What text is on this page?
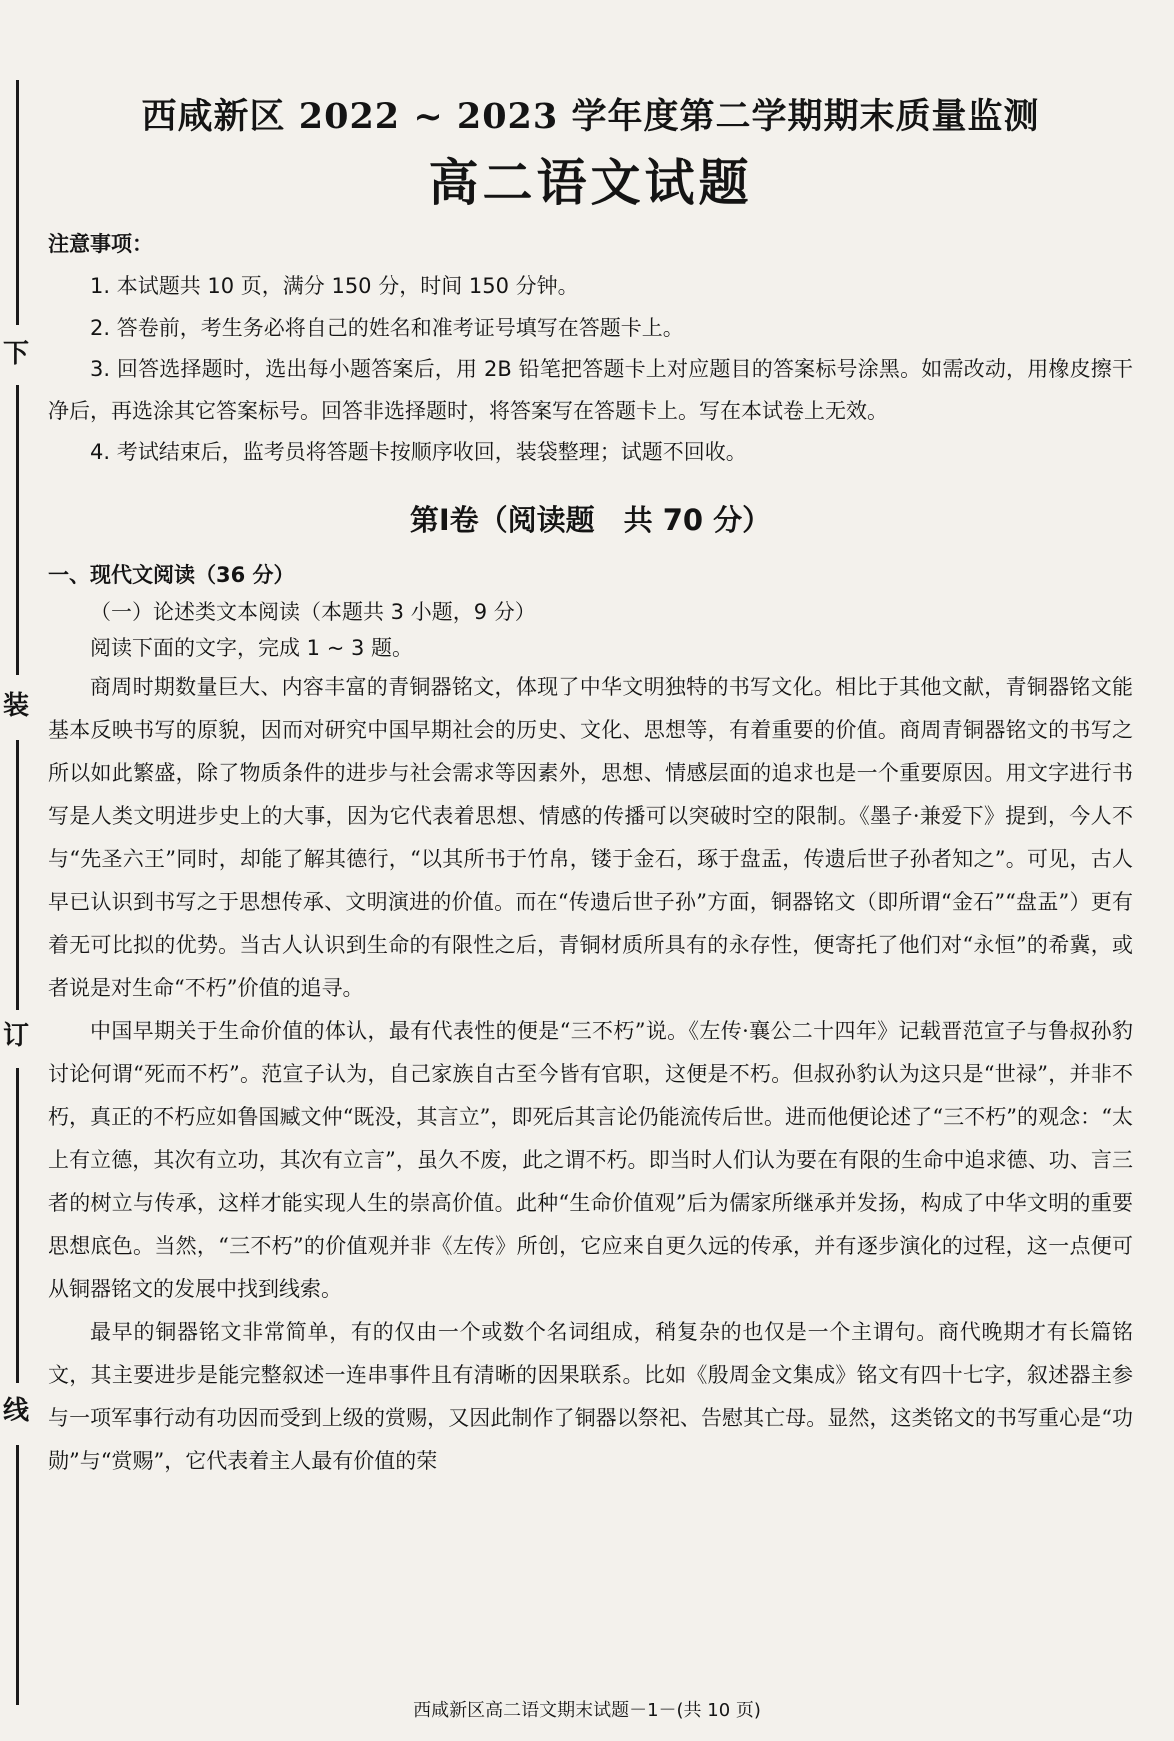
下
装
订
线
西咸新区 2022 ~ 2023 学年度第二学期期末质量监测
高二语文试题

注意事项：

1. 本试题共 10 页，满分 150 分，时间 150 分钟。

2. 答卷前，考生务必将自己的姓名和准考证号填写在答题卡上。

3. 回答选择题时，选出每小题答案后，用 2B 铅笔把答题卡上对应题目的答案标号涂黑。如需改动，用橡皮擦干净后，再选涂其它答案标号。回答非选择题时，将答案写在答题卡上。写在本试卷上无效。

4. 考试结束后，监考员将答题卡按顺序收回，装袋整理；试题不回收。

第Ⅰ卷（阅读题　共 70 分）

一、现代文阅读（36 分）

（一）论述类文本阅读（本题共 3 小题，9 分）

阅读下面的文字，完成 1 ~ 3 题。

商周时期数量巨大、内容丰富的青铜器铭文，体现了中华文明独特的书写文化。相比于其他文献，青铜器铭文能基本反映书写的原貌，因而对研究中国早期社会的历史、文化、思想等，有着重要的价值。商周青铜器铭文的书写之所以如此繁盛，除了物质条件的进步与社会需求等因素外，思想、情感层面的追求也是一个重要原因。用文字进行书写是人类文明进步史上的大事，因为它代表着思想、情感的传播可以突破时空的限制。《墨子·兼爱下》提到，今人不与“先圣六王”同时，却能了解其德行，“以其所书于竹帛，镂于金石，琢于盘盂，传遗后世子孙者知之”。可见，古人早已认识到书写之于思想传承、文明演进的价值。而在“传遗后世子孙”方面，铜器铭文（即所谓“金石”“盘盂”）更有着无可比拟的优势。当古人认识到生命的有限性之后，青铜材质所具有的永存性，便寄托了他们对“永恒”的希冀，或者说是对生命“不朽”价值的追寻。

中国早期关于生命价值的体认，最有代表性的便是“三不朽”说。《左传·襄公二十四年》记载晋范宣子与鲁叔孙豹讨论何谓“死而不朽”。范宣子认为，自己家族自古至今皆有官职，这便是不朽。但叔孙豹认为这只是“世禄”，并非不朽，真正的不朽应如鲁国臧文仲“既没，其言立”，即死后其言论仍能流传后世。进而他便论述了“三不朽”的观念：“太上有立德，其次有立功，其次有立言”，虽久不废，此之谓不朽。即当时人们认为要在有限的生命中追求德、功、言三者的树立与传承，这样才能实现人生的崇高价值。此种“生命价值观”后为儒家所继承并发扬，构成了中华文明的重要思想底色。当然，“三不朽”的价值观并非《左传》所创，它应来自更久远的传承，并有逐步演化的过程，这一点便可从铜器铭文的发展中找到线索。

最早的铜器铭文非常简单，有的仅由一个或数个名词组成，稍复杂的也仅是一个主谓句。商代晚期才有长篇铭文，其主要进步是能完整叙述一连串事件且有清晰的因果联系。比如《殷周金文集成》铭文有四十七字，叙述器主参与一项军事行动有功因而受到上级的赏赐，又因此制作了铜器以祭祀、告慰其亡母。显然，这类铭文的书写重心是“功勋”与“赏赐”，它代表着主人最有价值的荣

西咸新区高二语文期末试题－1－(共 10 页)
